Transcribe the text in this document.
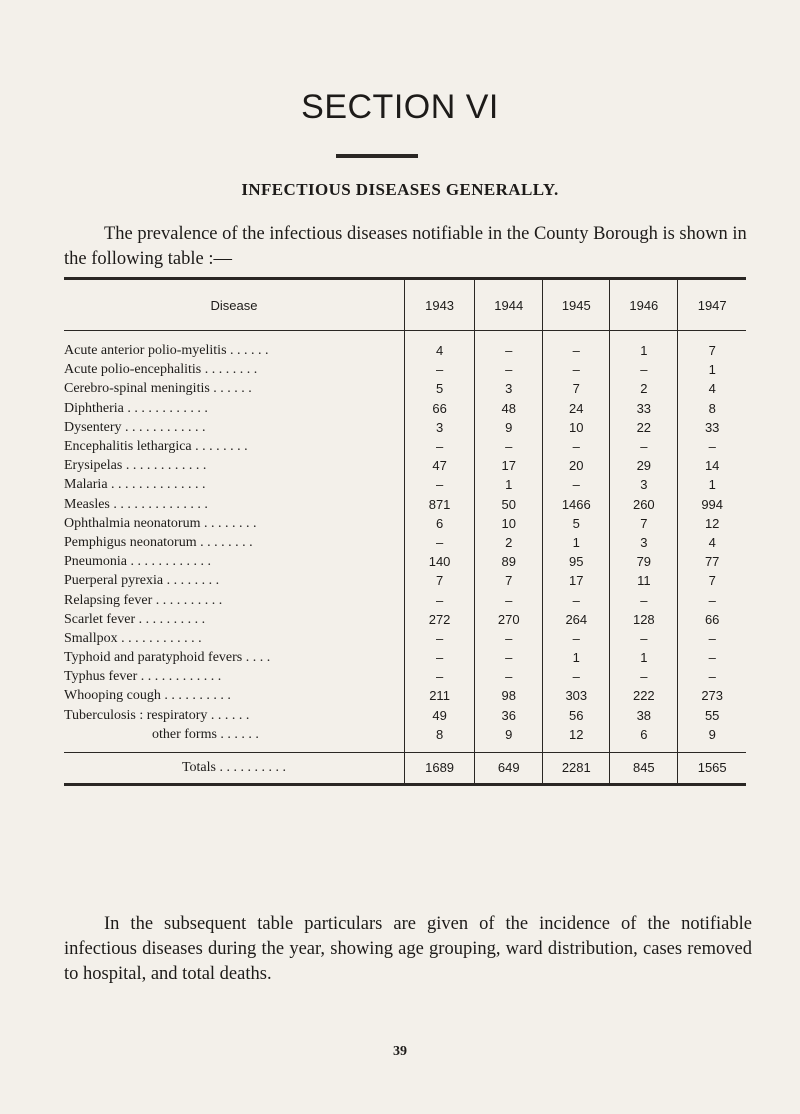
SECTION VI
INFECTIOUS DISEASES GENERALLY.

The prevalence of the infectious diseases notifiable in the County Borough is shown in the following table :—

Disease	1943	1944	1945	1946	1947
Acute anterior polio-myelitis . . . . . .	4	–	–	1	7
Acute polio-encephalitis . . . . . . . .	–	–	–	–	1
Cerebro-spinal meningitis . . . . . .	5	3	7	2	4
Diphtheria . . . . . . . . . . . .	66	48	24	33	8
Dysentery . . . . . . . . . . . .	3	9	10	22	33
Encephalitis lethargica . . . . . . . .	–	–	–	–	–
Erysipelas . . . . . . . . . . . .	47	17	20	29	14
Malaria . . . . . . . . . . . . . .	–	1	–	3	1
Measles . . . . . . . . . . . . . .	871	50	1466	260	994
Ophthalmia neonatorum . . . . . . . .	6	10	5	7	12
Pemphigus neonatorum . . . . . . . .	–	2	1	3	4
Pneumonia . . . . . . . . . . . .	140	89	95	79	77
Puerperal pyrexia . . . . . . . .	7	7	17	11	7
Relapsing fever . . . . . . . . . .	–	–	–	–	–
Scarlet fever . . . . . . . . . .	272	270	264	128	66
Smallpox . . . . . . . . . . . .	–	–	–	–	–
Typhoid and paratyphoid fevers . . . .	–	–	1	1	–
Typhus fever . . . . . . . . . . . .	–	–	–	–	–
Whooping cough . . . . . . . . . .	211	98	303	222	273
Tuberculosis : respiratory . . . . . .	49	36	56	38	55
other forms . . . . . .	8	9	12	6	9
Totals . . . . . . . . . .	1689	649	2281	845	1565

In the subsequent table particulars are given of the incidence of the notifiable infectious diseases during the year, showing age grouping, ward distribution, cases removed to hospital, and total deaths.

39
